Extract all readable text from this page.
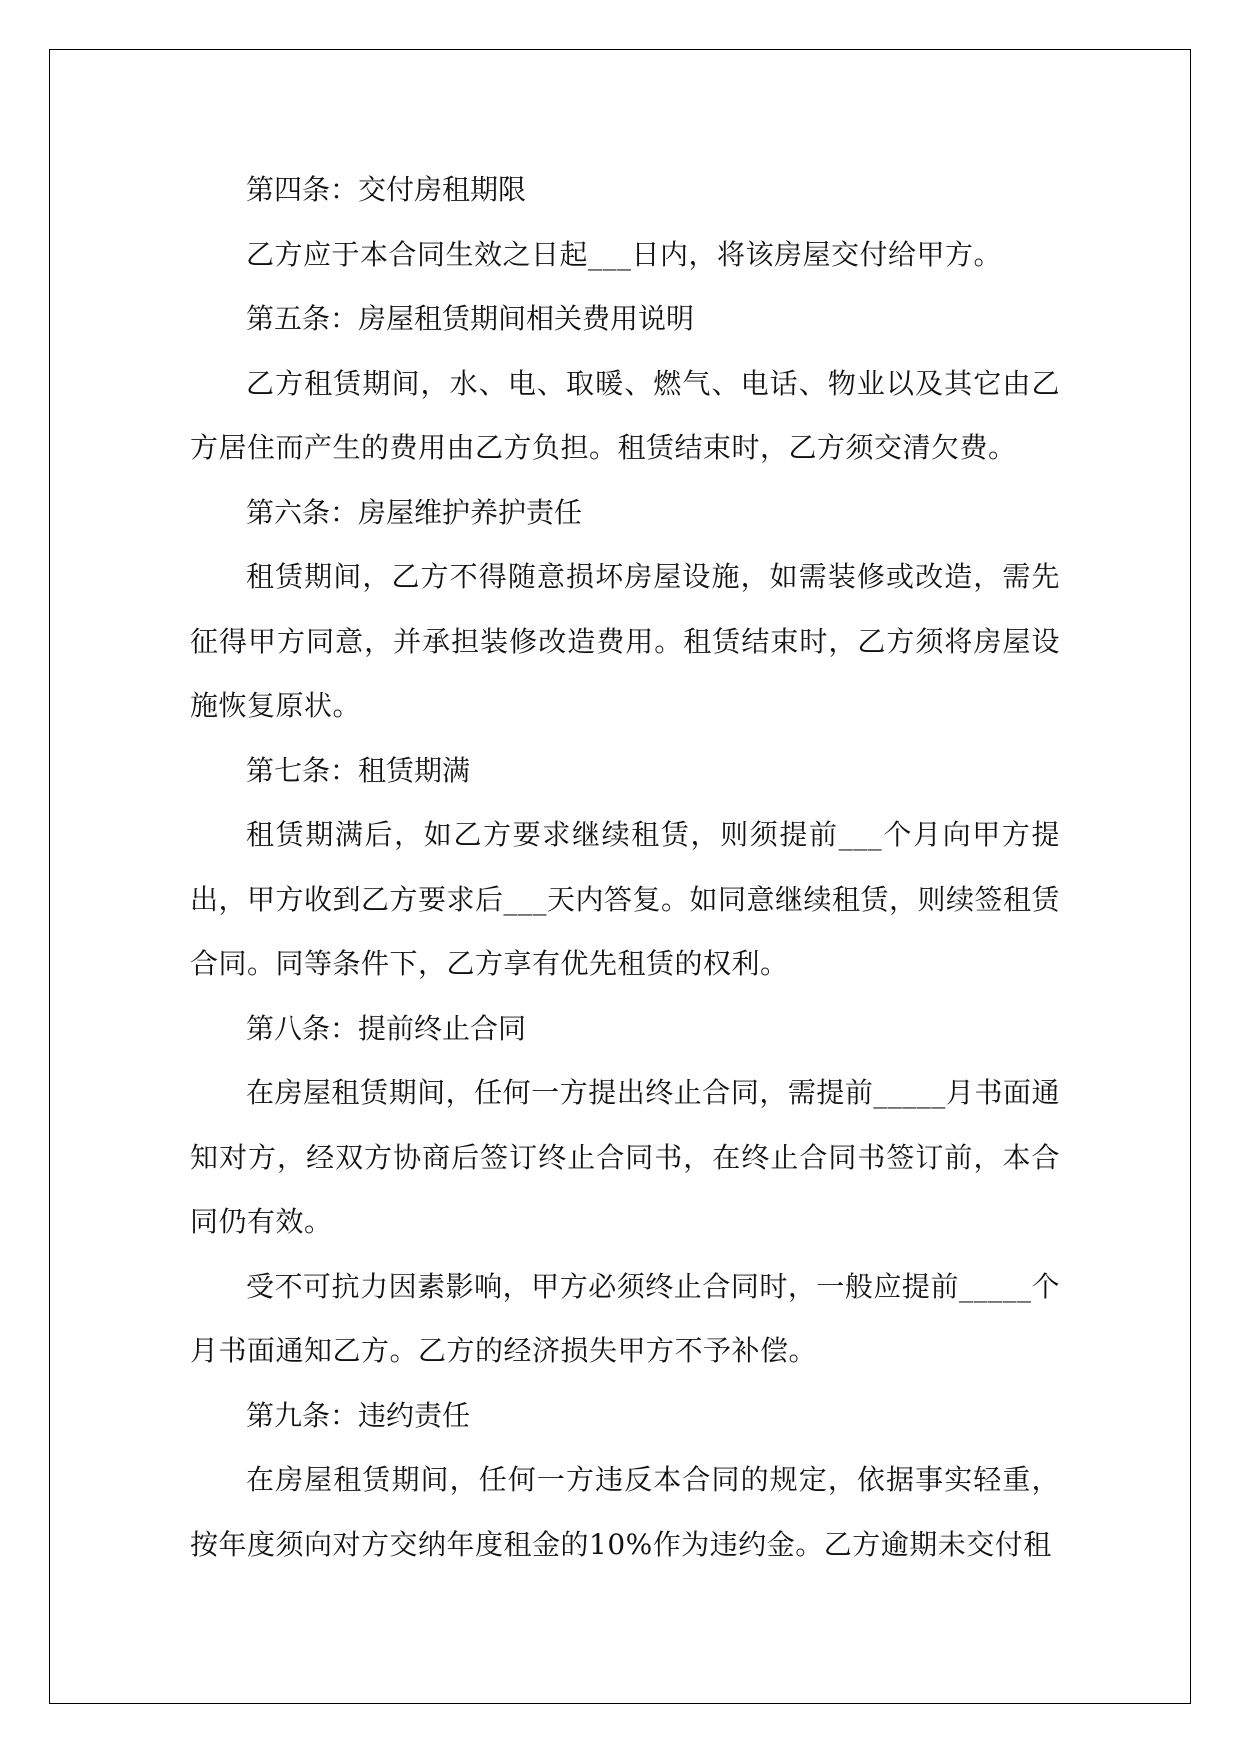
第四条：交付房租期限

乙方应于本合同生效之日起___日内，将该房屋交付给甲方。

第五条：房屋租赁期间相关费用说明

乙方租赁期间，水、电、取暖、燃气、电话、物业以及其它由乙方居住而产生的费用由乙方负担。租赁结束时，乙方须交清欠费。

第六条：房屋维护养护责任

租赁期间，乙方不得随意损坏房屋设施，如需装修或改造，需先征得甲方同意，并承担装修改造费用。租赁结束时，乙方须将房屋设施恢复原状。

第七条：租赁期满

租赁期满后，如乙方要求继续租赁，则须提前___个月向甲方提出，甲方收到乙方要求后___天内答复。如同意继续租赁，则续签租赁合同。同等条件下，乙方享有优先租赁的权利。

第八条：提前终止合同

在房屋租赁期间，任何一方提出终止合同，需提前_____月书面通知对方，经双方协商后签订终止合同书，在终止合同书签订前，本合同仍有效。

受不可抗力因素影响，甲方必须终止合同时，一般应提前_____个月书面通知乙方。乙方的经济损失甲方不予补偿。

第九条：违约责任

在房屋租赁期间，任何一方违反本合同的规定，依据事实轻重，按年度须向对方交纳年度租金的10%作为违约金。乙方逾期未交付租
